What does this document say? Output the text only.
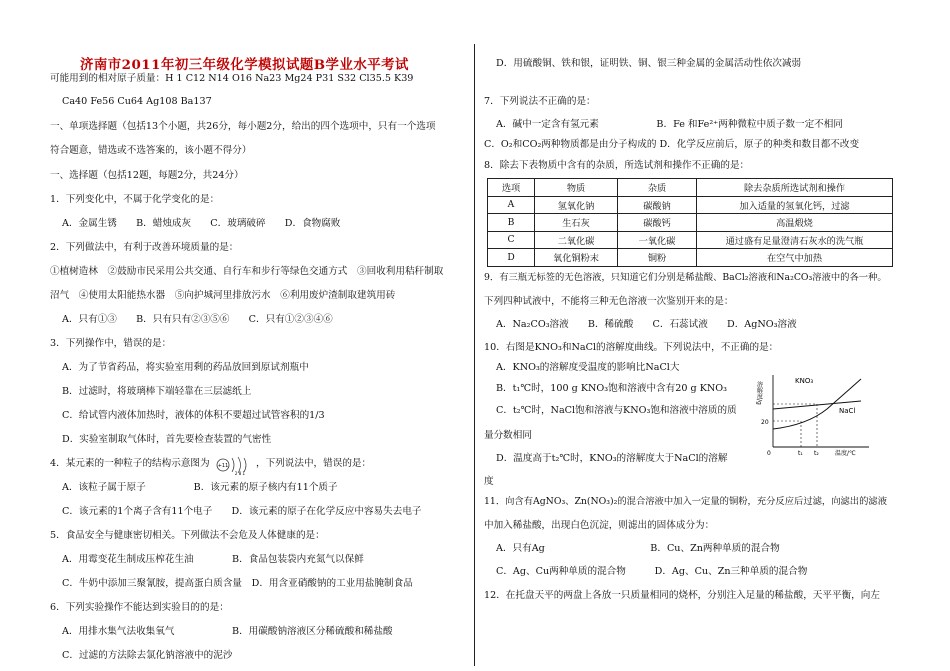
济南市2011年初三年级化学模拟试题B学业水平考试
可能用到的相对原子质量：H 1 C12 N14 O16 Na23 Mg24 P31 S32 Cl35.5 K39
Ca40 Fe56 Cu64 Ag108 Ba137
一、单项选择题（包括13个小题，共26分，每小题2分，给出的四个选项中，只有一个选项
符合题意，错选或不选答案的，该小题不得分）
一、选择题（包括12题，每题2分，共24分）
1．下列变化中，不属于化学变化的是：
A．金属生锈　　B．蜡烛成灰　　C．玻璃破碎　　D．食物腐败
2．下列做法中，有利于改善环境质量的是：
①植树造林　②鼓励市民采用公共交通、自行车和步行等绿色交通方式　③回收利用秸秆制取
沼气　④使用太阳能热水器　⑤向护城河里排放污水　⑥利用废炉渣制取建筑用砖
A．只有①③　　B．只有只有②③⑤⑥　　C．只有①②③④⑥
3．下列操作中，错误的是：
A．为了节省药品，将实验室用剩的药品放回到原试剂瓶中
B．过滤时，将玻璃棒下端轻靠在三层滤纸上
C．给试管内液体加热时，液体的体积不要超过试管容积的1/3
D．实验室制取气体时，首先要检查装置的气密性
4．某元素的一种粒子的结构示意图为 +11
2 8 1
，下列说法中，错误的是：
A．该粒子属于原子　　　　　B．该元素的原子核内有11个质子
C．该元素的1个离子含有11个电子　　D．该元素的原子在化学反应中容易失去电子
5．食品安全与健康密切相关。下列做法不会危及人体健康的是：
A．用霉变花生制成压榨花生油　　　　B．食品包装袋内充氮气以保鲜
C．牛奶中添加三聚氰胺，提高蛋白质含量　D．用含亚硝酸钠的工业用盐腌制食品
6．下列实验操作不能达到实验目的的是：
A．用排水集气法收集氧气　　　　　　B．用碳酸钠溶液区分稀硫酸和稀盐酸
C．过滤的方法除去氯化钠溶液中的泥沙
D．用硫酸铜、铁和银，证明铁、铜、银三种金属的金属活动性依次减弱
7．下列说法不正确的是：
A．碱中一定含有氢元素　　　　　　B．Fe 和Fe²⁺两种微粒中质子数一定不相同
C．O₂和CO₂两种物质都是由分子构成的 D．化学反应前后，原子的种类和数目都不改变
8．除去下表物质中含有的杂质，所选试剂和操作不正确的是：
选项	物质	杂质	除去杂质所选试剂和操作
A	氢氧化钠	碳酸钠	加入适量的氢氧化钙，过滤
B	生石灰	碳酸钙	高温煅烧
C	二氧化碳	一氧化碳	通过盛有足量澄清石灰水的洗气瓶
D	氧化铜粉末	铜粉	在空气中加热
9．有三瓶无标签的无色溶液，只知道它们分别是稀盐酸、BaCl₂溶液和Na₂CO₃溶液中的各一种。
下列四种试液中，不能将三种无色溶液一次鉴别开来的是：
A．Na₂CO₃溶液　　B．稀硫酸　　C．石蕊试液　　D．AgNO₃溶液
10．右图是KNO₃和NaCl的溶解度曲线。下列说法中，不正确的是：
A．KNO₃的溶解度受温度的影响比NaCl大
B．t₁℃时，100 g KNO₃饱和溶液中含有20 g KNO₃
C．t₂℃时，NaCl饱和溶液与KNO₃饱和溶液中溶质的质
量分数相同
D．温度高于t₂℃时，KNO₃的溶解度大于NaCl的溶解
度
溶解度/g	KNO₃
NaCl
20
0	t₁ t₂	温度/℃
11．向含有AgNO₃、Zn(NO₃)₂的混合溶液中加入一定量的铜粉，充分反应后过滤，向滤出的滤液
中加入稀盐酸，出现白色沉淀，则滤出的固体成分为：
A．只有Ag　　　　　　　　　　　B．Cu、Zn两种单质的混合物
C．Ag、Cu两种单质的混合物　　　D．Ag、Cu、Zn三种单质的混合物
12．在托盘天平的两盘上各放一只质量相同的烧杯，分别注入足量的稀盐酸，天平平衡，向左
